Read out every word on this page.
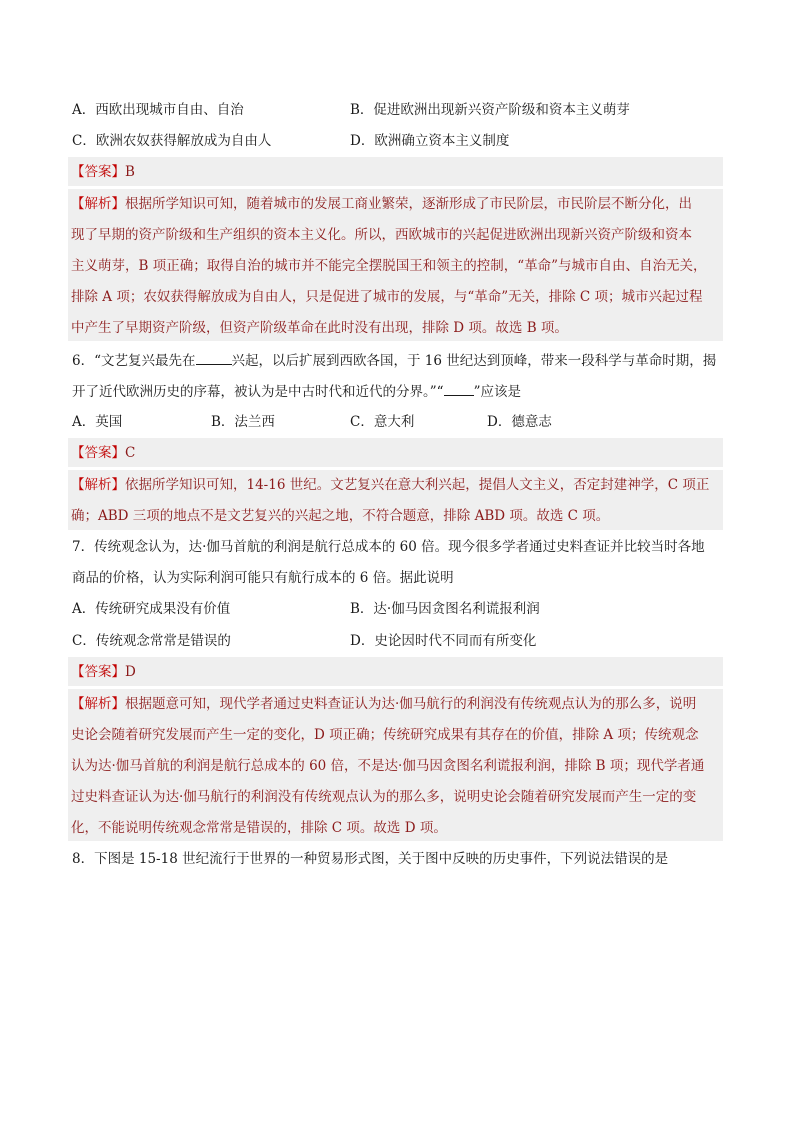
A．西欧出现城市自由、自治	B．促进欧洲出现新兴资产阶级和资本主义萌芽
C．欧洲农奴获得解放成为自由人	D．欧洲确立资本主义制度
【答案】B
【解析】根据所学知识可知，随着城市的发展工商业繁荣，逐渐形成了市民阶层，市民阶层不断分化，出
现了早期的资产阶级和生产组织的资本主义化。所以，西欧城市的兴起促进欧洲出现新兴资产阶级和资本
主义萌芽，B 项正确；取得自治的城市并不能完全摆脱国王和领主的控制，“革命”与城市自由、自治无关，
排除 A 项；农奴获得解放成为自由人，只是促进了城市的发展，与“革命”无关，排除 C 项；城市兴起过程
中产生了早期资产阶级，但资产阶级革命在此时没有出现，排除 D 项。故选 B 项。
6．“文艺复兴最先在	兴起，以后扩展到西欧各国，于 16 世纪达到顶峰，带来一段科学与革命时期，揭
开了近代欧洲历史的序幕，被认为是中古时代和近代的分界。”“ ”应该是
A．英国	B．法兰西	C．意大利	D．德意志
【答案】C
【解析】依据所学知识可知，14-16 世纪。文艺复兴在意大利兴起，提倡人文主义，否定封建神学，C 项正
确；ABD 三项的地点不是文艺复兴的兴起之地，不符合题意，排除 ABD 项。故选 C 项。
7．传统观念认为，达·伽马首航的利润是航行总成本的 60 倍。现今很多学者通过史料查证并比较当时各地
商品的价格，认为实际利润可能只有航行成本的 6 倍。据此说明
A．传统研究成果没有价值	B．达·伽马因贪图名利谎报利润
C．传统观念常常是错误的	D．史论因时代不同而有所变化
【答案】D
【解析】根据题意可知，现代学者通过史料查证认为达·伽马航行的利润没有传统观点认为的那么多，说明
史论会随着研究发展而产生一定的变化，D 项正确；传统研究成果有其存在的价值，排除 A 项；传统观念
认为达·伽马首航的利润是航行总成本的 60 倍，不是达·伽马因贪图名利谎报利润，排除 B 项；现代学者通
过史料查证认为达·伽马航行的利润没有传统观点认为的那么多，说明史论会随着研究发展而产生一定的变
化，不能说明传统观念常常是错误的，排除 C 项。故选 D 项。
8．下图是 15-18 世纪流行于世界的一种贸易形式图，关于图中反映的历史事件，下列说法错误的是
